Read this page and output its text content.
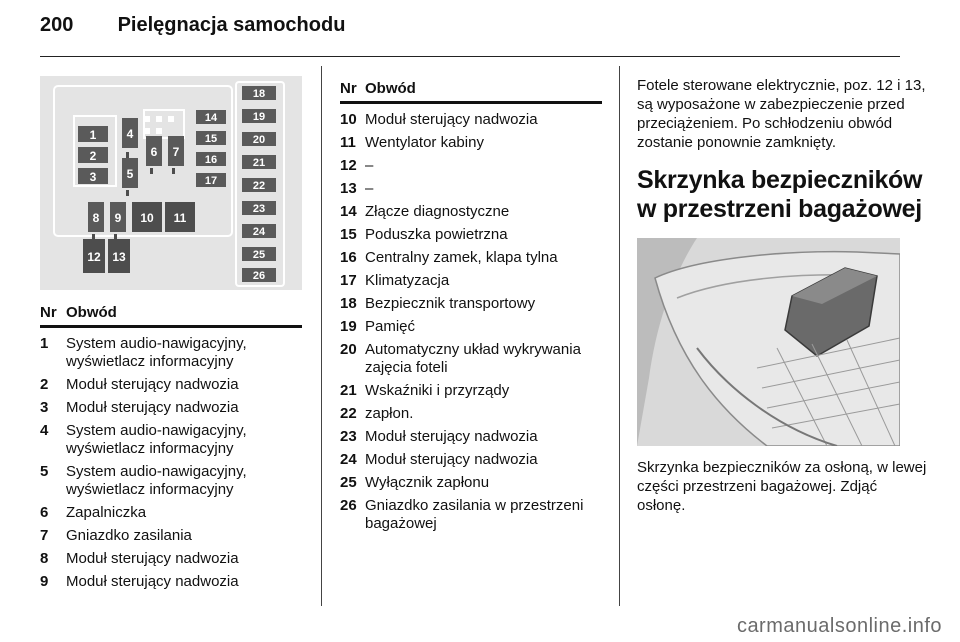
200 Pielęgnacja samochodu
1
2
3
4
5
6 7
14
15
16
17
8 9 10 11
12 13
18
19
20
21
22
23
24
25
26
Nr Obwód
1	System audio-nawigacyjny, wyświetlacz informacyjny
2	Moduł sterujący nadwozia
3	Moduł sterujący nadwozia
4	System audio-nawigacyjny, wyświetlacz informacyjny
5	System audio-nawigacyjny, wyświetlacz informacyjny
6	Zapalniczka
7	Gniazdko zasilania
8	Moduł sterujący nadwozia
9	Moduł sterujący nadwozia
Nr Obwód
10 Moduł sterujący nadwozia
11 Wentylator kabiny
12 –
13 –
14 Złącze diagnostyczne
15 Poduszka powietrzna
16 Centralny zamek, klapa tylna
17 Klimatyzacja
18 Bezpiecznik transportowy
19 Pamięć
20 Automatyczny układ wykrywania zajęcia foteli
21 Wskaźniki i przyrządy
22 zapłon.
23 Moduł sterujący nadwozia
24 Moduł sterujący nadwozia
25 Wyłącznik zapłonu
26 Gniazdko zasilania w przestrzeni bagażowej

Fotele sterowane elektrycznie, poz. 12 i 13, są wyposażone w zabezpieczenie przed przeciążeniem. Po schłodzeniu obwód zostanie ponownie zamknięty.

Skrzynka bezpieczników w przestrzeni bagażowej

Skrzynka bezpieczników za osłoną, w lewej części przestrzeni bagażowej. Zdjąć osłonę.

carmanualsonline.info
